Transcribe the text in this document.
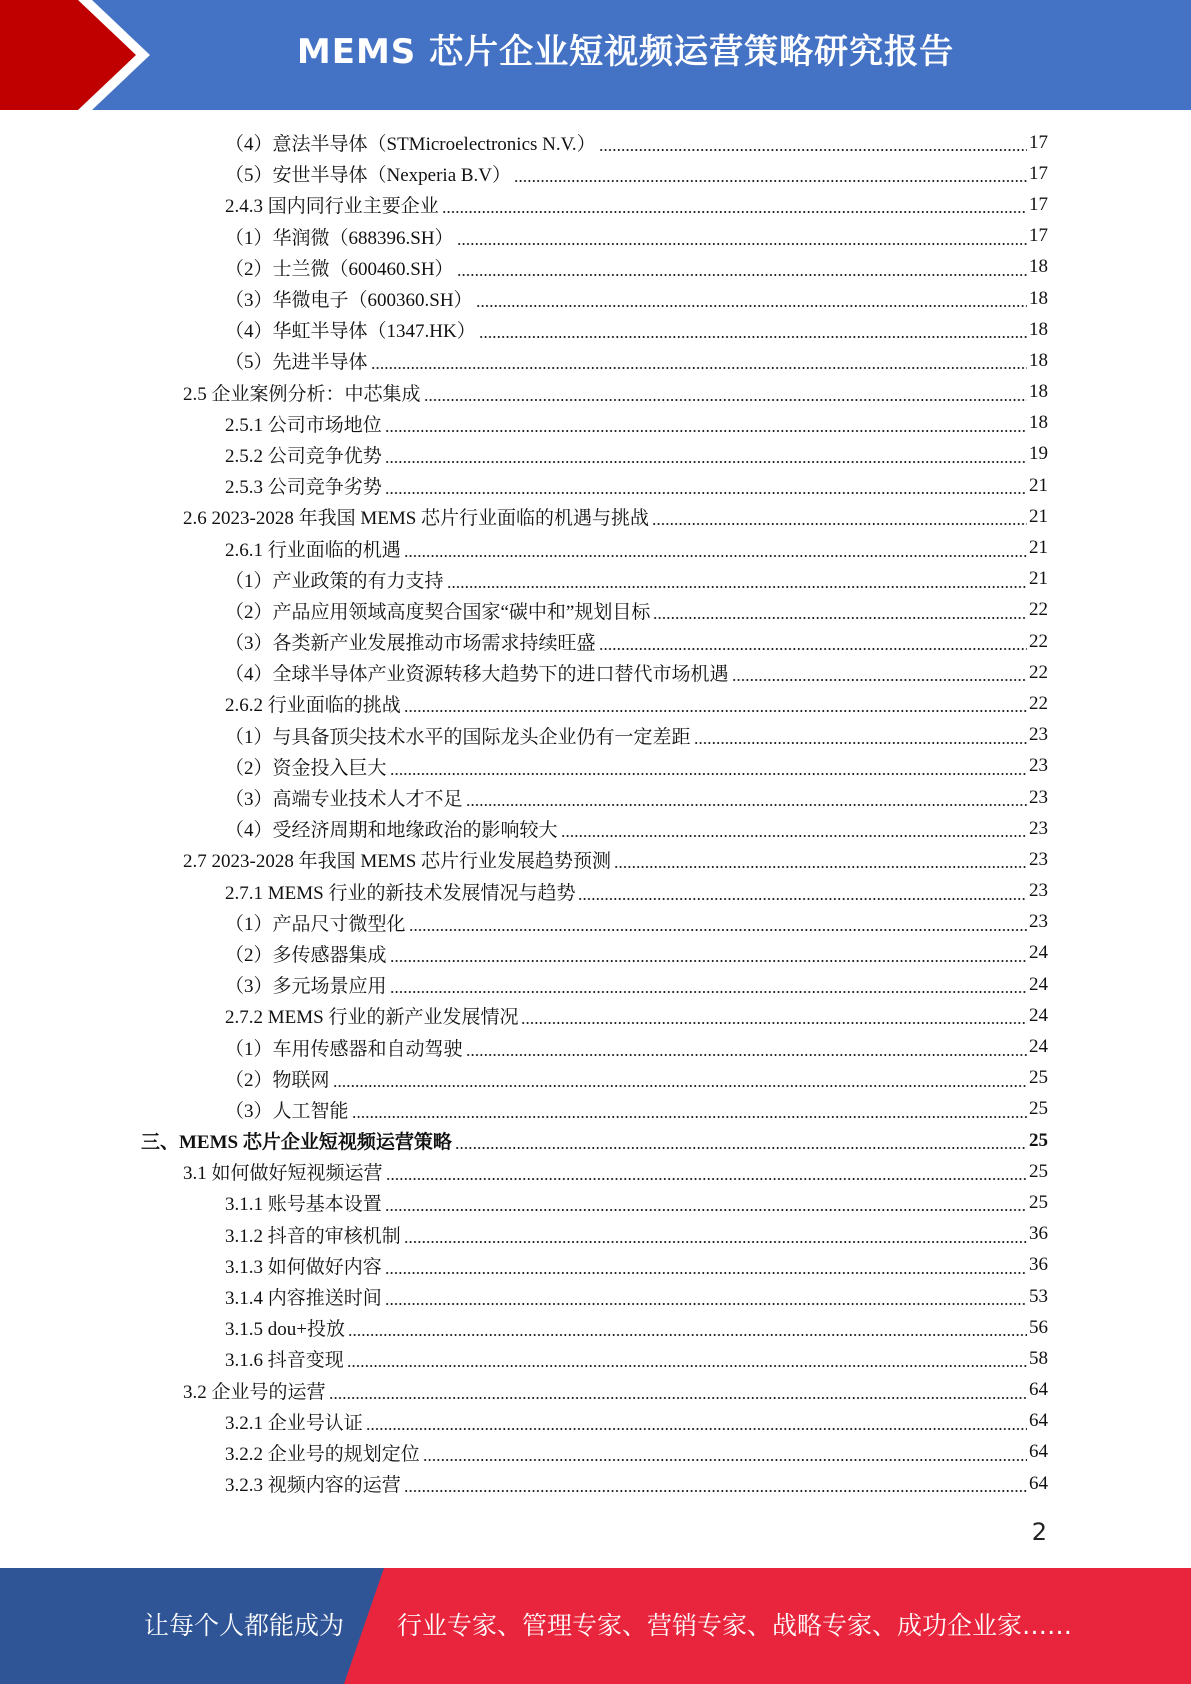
MEMS 芯片企业短视频运营策略研究报告
（4）意法半导体（STMicroelectronics N.V.）	17
（5）安世半导体（Nexperia B.V）	17
2.4.3 国内同行业主要企业	17
（1）华润微（688396.SH）	17
（2）士兰微（600460.SH）	18
（3）华微电子（600360.SH）	18
（4）华虹半导体（1347.HK）	18
（5）先进半导体	18
2.5 企业案例分析：中芯集成	18
2.5.1 公司市场地位	18
2.5.2 公司竞争优势	19
2.5.3 公司竞争劣势	21
2.6 2023-2028 年我国 MEMS 芯片行业面临的机遇与挑战	21
2.6.1 行业面临的机遇	21
（1）产业政策的有力支持	21
（2）产品应用领域高度契合国家“碳中和”规划目标	22
（3）各类新产业发展推动市场需求持续旺盛	22
（4）全球半导体产业资源转移大趋势下的进口替代市场机遇	22
2.6.2 行业面临的挑战	22
（1）与具备顶尖技术水平的国际龙头企业仍有一定差距	23
（2）资金投入巨大	23
（3）高端专业技术人才不足	23
（4）受经济周期和地缘政治的影响较大	23
2.7 2023-2028 年我国 MEMS 芯片行业发展趋势预测	23
2.7.1 MEMS 行业的新技术发展情况与趋势	23
（1）产品尺寸微型化	23
（2）多传感器集成	24
（3）多元场景应用	24
2.7.2 MEMS 行业的新产业发展情况	24
（1）车用传感器和自动驾驶	24
（2）物联网	25
（3）人工智能	25
三、MEMS 芯片企业短视频运营策略	25
3.1 如何做好短视频运营	25
3.1.1 账号基本设置	25
3.1.2 抖音的审核机制	36
3.1.3 如何做好内容	36
3.1.4 内容推送时间	53
3.1.5 dou+投放	56
3.1.6 抖音变现	58
3.2 企业号的运营	64
3.2.1 企业号认证	64
3.2.2 企业号的规划定位	64
3.2.3 视频内容的运营	64
2
让每个人都能成为 行业专家、管理专家、营销专家、战略专家、成功企业家……
